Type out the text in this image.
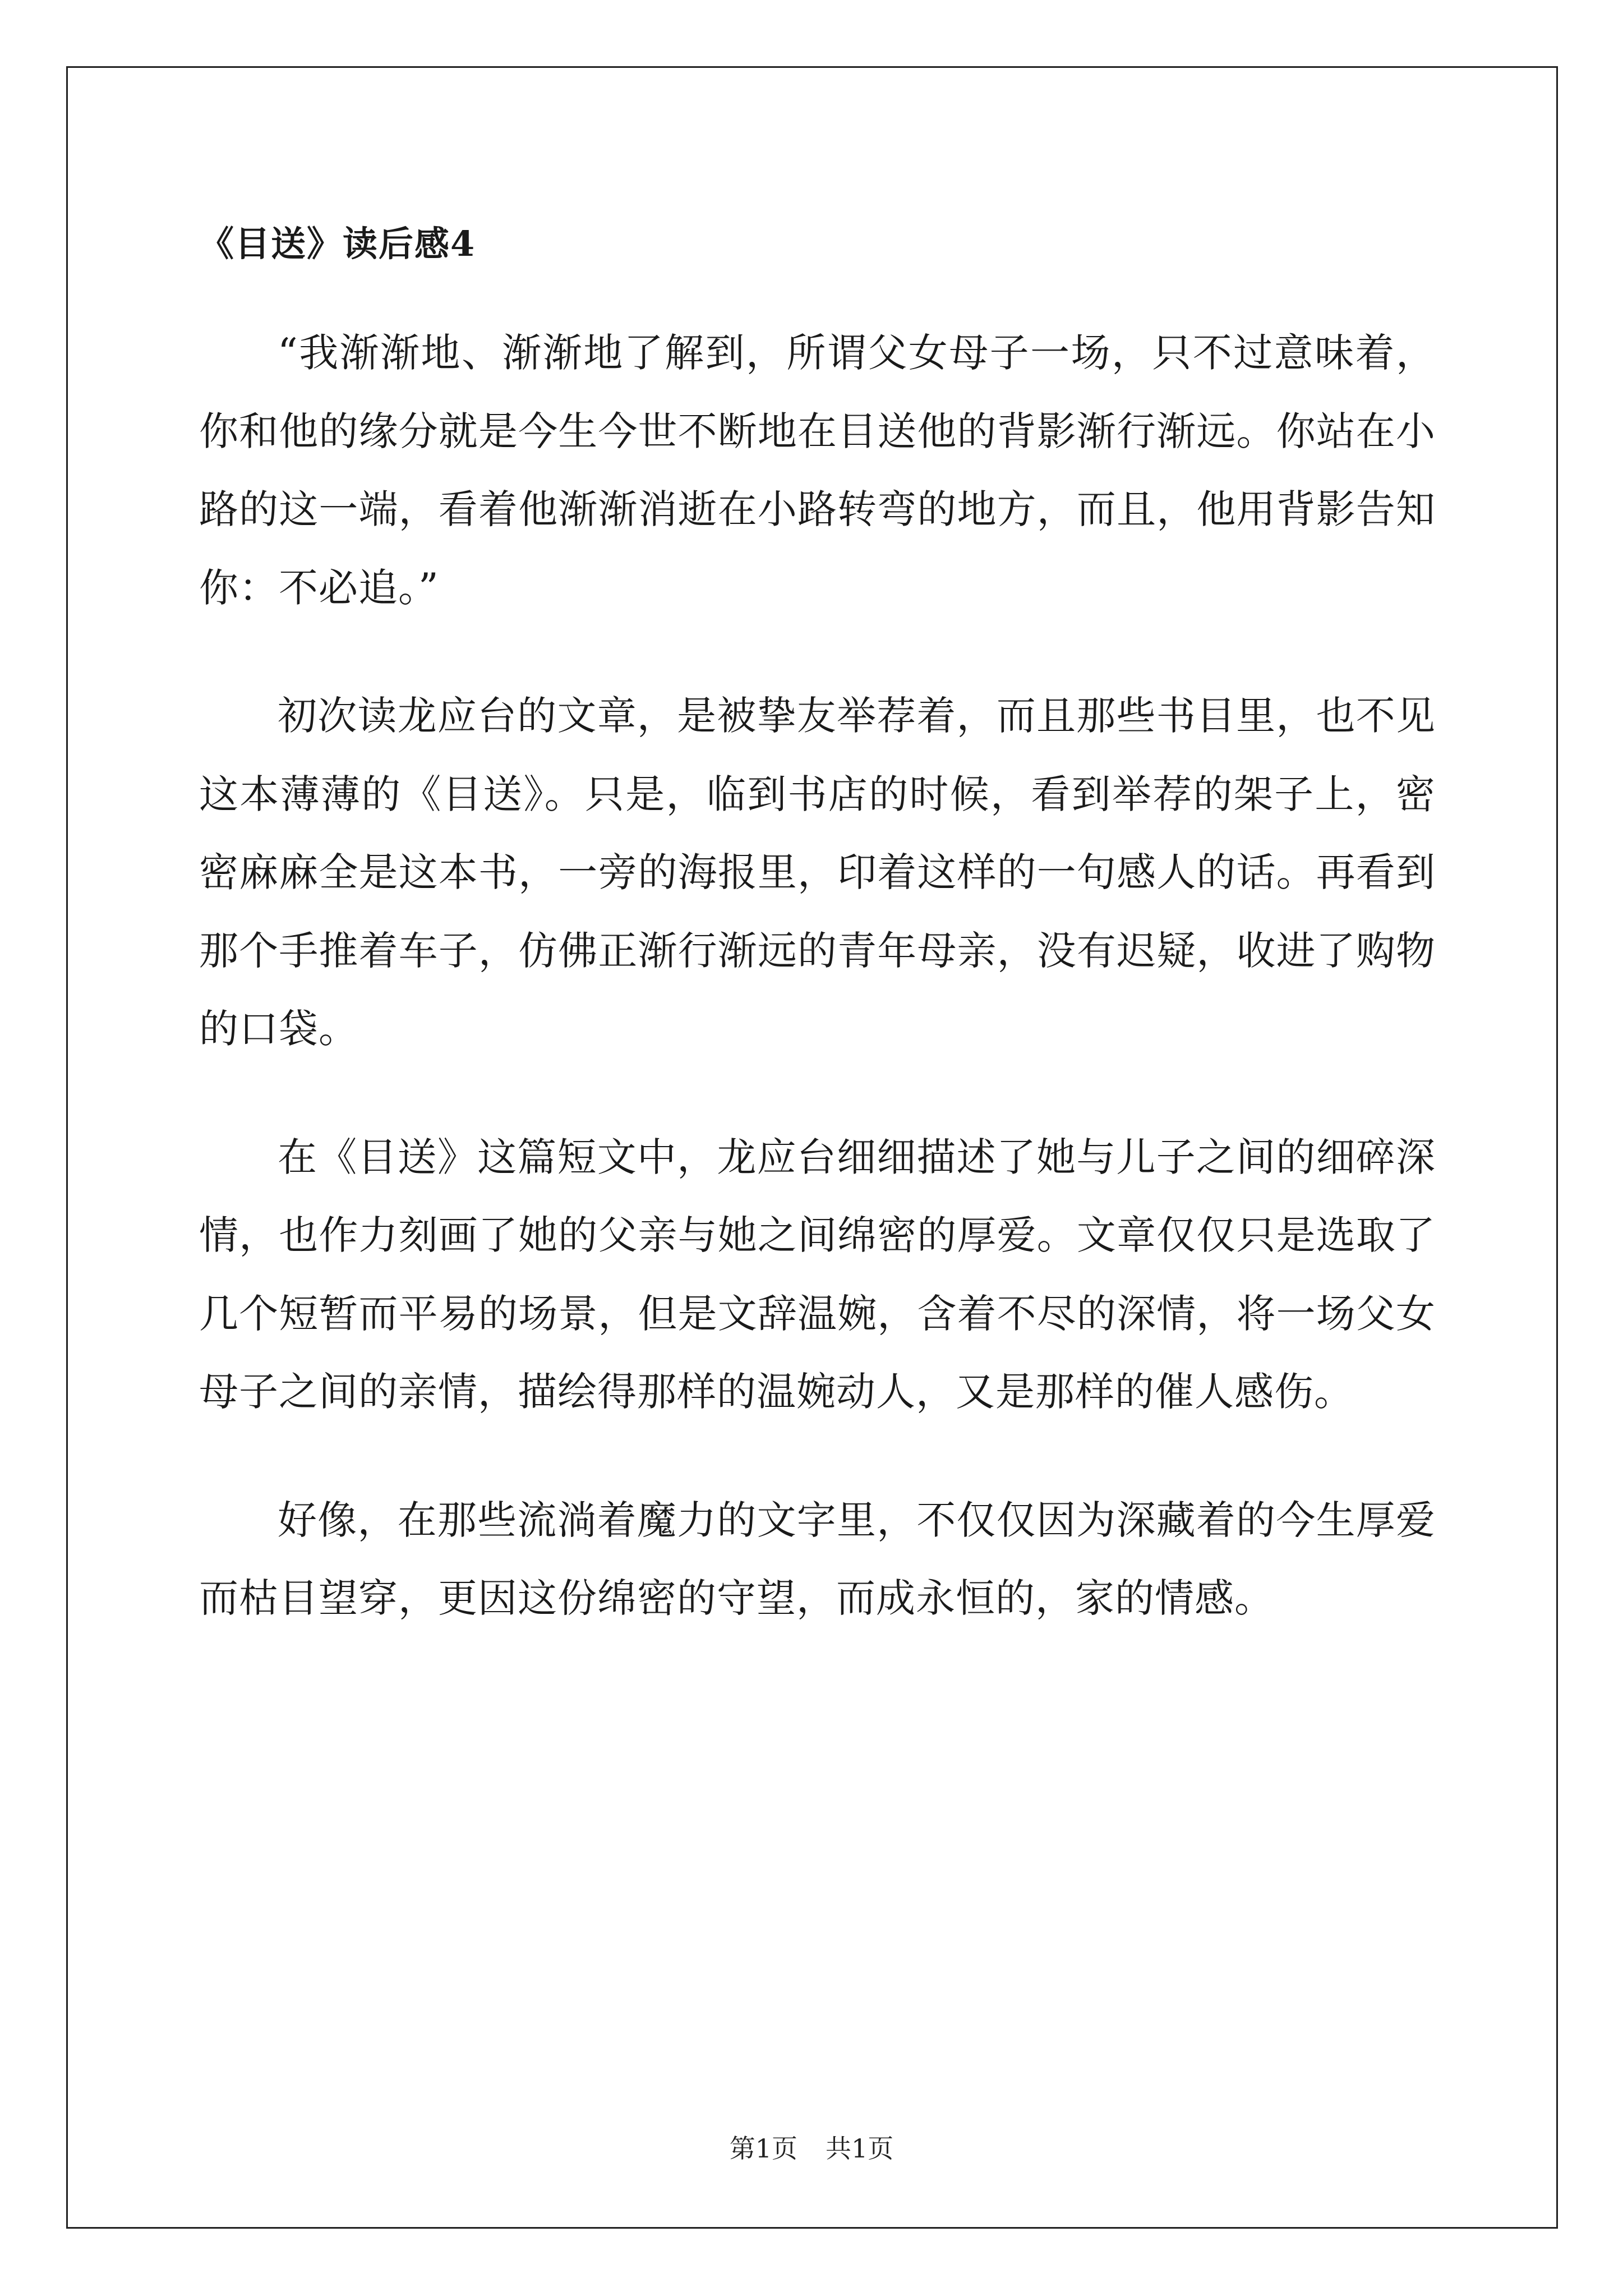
《目送》读后感4

“我渐渐地、渐渐地了解到，所谓父女母子一场，只不过意味着，你和他的缘分就是今生今世不断地在目送他的背影渐行渐远。你站在小路的这一端，看着他渐渐消逝在小路转弯的地方，而且，他用背影告知你：不必追。”

初次读龙应台的文章，是被挚友举荐着，而且那些书目里，也不见这本薄薄的《目送》。只是，临到书店的时候，看到举荐的架子上，密密麻麻全是这本书，一旁的海报里，印着这样的一句感人的话。再看到那个手推着车子，仿佛正渐行渐远的青年母亲，没有迟疑，收进了购物的口袋。

在《目送》这篇短文中，龙应台细细描述了她与儿子之间的细碎深情，也作力刻画了她的父亲与她之间绵密的厚爱。文章仅仅只是选取了几个短暂而平易的场景，但是文辞温婉，含着不尽的深情，将一场父女母子之间的亲情，描绘得那样的温婉动人，又是那样的催人感伤。

好像，在那些流淌着魔力的文字里，不仅仅因为深藏着的今生厚爱而枯目望穿，更因这份绵密的守望，而成永恒的，家的情感。

第1页 共1页
